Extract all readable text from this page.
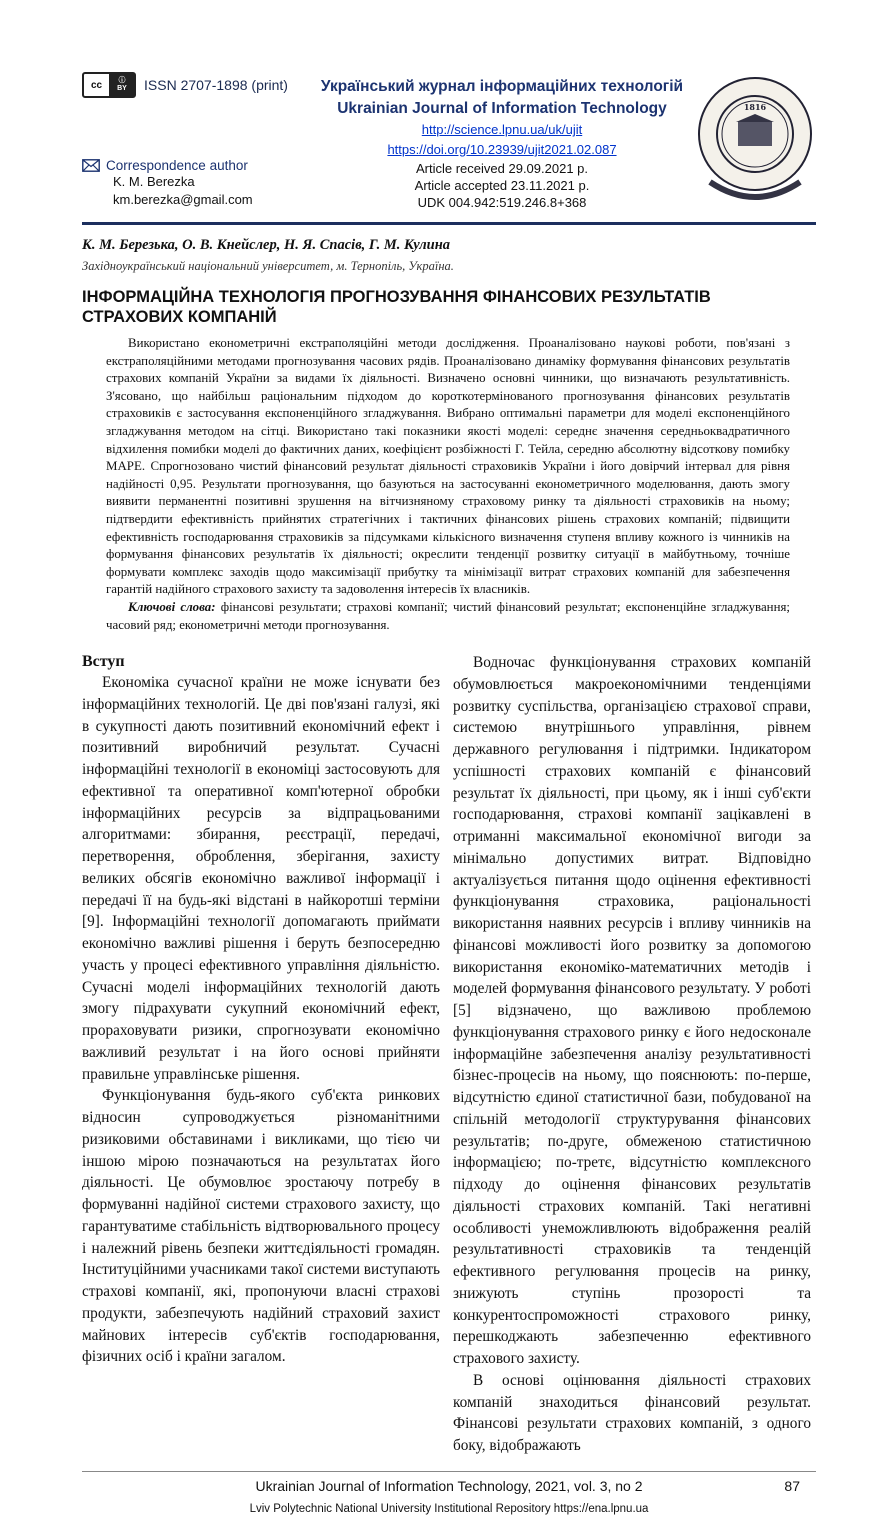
cc	ⓘ
BY ISSN 2707-1898 (print)
Correspondence author
K. M. Berezka
km.berezka@gmail.com
Український журнал інформаційних технологій
Ukrainian Journal of Information Technology
http://science.lpnu.ua/uk/ujit
https://doi.org/10.23939/ujit2021.02.087
Article received 29.09.2021 p.
Article accepted 23.11.2021 p.
UDK 004.942:519.246.8+368
1816
К. М. Березька, О. В. Кнейслер, Н. Я. Спасів, Г. М. Кулина
Західноукраїнський національний університет, м. Тернопіль, Україна.
ІНФОРМАЦІЙНА ТЕХНОЛОГІЯ ПРОГНОЗУВАННЯ ФІНАНСОВИХ РЕЗУЛЬТАТІВ СТРАХОВИХ КОМПАНІЙ

Використано економетричні екстраполяційні методи дослідження. Проаналізовано наукові роботи, пов'язані з екстраполяційними методами прогнозування часових рядів. Проаналізовано динаміку формування фінансових результатів страхових компаній України за видами їх діяльності. Визначено основні чинники, що визначають результативність. З'ясовано, що найбільш раціональним підходом до короткотермінованого прогнозування фінансових результатів страховиків є застосування експоненційного згладжування. Вибрано оптимальні параметри для моделі експоненційного згладжування методом на сітці. Використано такі показники якості моделі: середнє значення середньоквадратичного відхилення помибки моделі до фактичних даних, коефіцієнт розбіжності Г. Тейла, середню абсолютну відсоткову помибку MAPE. Спрогнозовано чистий фінансовий результат діяльності страховиків України і його довірчий інтервал для рівня надійності 0,95. Результати прогнозування, що базуються на застосуванні економетричного моделювання, дають змогу виявити перманентні позитивні зрушення на вітчизняному страховому ринку та діяльності страховиків на ньому; підтвердити ефективність прийнятих стратегічних і тактичних фінансових рішень страхових компаній; підвищити ефективність господарювання страховиків за підсумками кількісного визначення ступеня впливу кожного із чинників на формування фінансових результатів їх діяльності; окреслити тенденції розвитку ситуації в майбутньому, точніше формувати комплекс заходів щодо максимізації прибутку та мінімізації витрат страхових компаній для забезпечення гарантій надійного страхового захисту та задоволення інтересів їх власників.

Ключові слова: фінансові результати; страхові компанії; чистий фінансовий результат; експоненційне згладжування; часовий ряд; економетричні методи прогнозування.

Вступ

Економіка сучасної країни не може існувати без інформаційних технологій. Це дві пов'язані галузі, які в сукупності дають позитивний економічний ефект і позитивний виробничий результат. Сучасні інформаційні технології в економіці застосовують для ефективної та оперативної комп'ютерної обробки інформаційних ресурсів за відпрацьованими алгоритмами: збирання, реєстрації, передачі, перетворення, оброблення, зберігання, захисту великих обсягів економічно важливої інформації і передачі її на будь-які відстані в найкоротші терміни [9]. Інформаційні технології допомагають приймати економічно важливі рішення і беруть безпосередню участь у процесі ефективного управління діяльністю. Сучасні моделі інформаційних технологій дають змогу підрахувати сукупний економічний ефект, прораховувати ризики, спрогнозувати економічно важливий результат і на його основі прийняти правильне управлінське рішення.

Функціонування будь-якого суб'єкта ринкових відносин супроводжується різноманітними ризиковими обставинами і викликами, що тією чи іншою мірою позначаються на результатах його діяльності. Це обумовлює зростаючу потребу в формуванні надійної системи страхового захисту, що гарантуватиме стабільність відтворювального процесу і належний рівень безпеки життєдіяльності громадян. Інституційними учасниками такої системи виступають страхові компанії, які, пропонуючи власні страхові продукти, забезпечують надійний страховий захист майнових інтересів суб'єктів господарювання, фізичних осіб і країни загалом.

Водночас функціонування страхових компаній обумовлюється макроекономічними тенденціями розвитку суспільства, організацією страхової справи, системою внутрішнього управління, рівнем державного регулювання і підтримки. Індикатором успішності страхових компаній є фінансовий результат їх діяльності, при цьому, як і інші суб'єкти господарювання, страхові компанії зацікавлені в отриманні максимальної економічної вигоди за мінімально допустимих витрат. Відповідно актуалізується питання щодо оцінення ефективності функціонування страховика, раціональності використання наявних ресурсів і впливу чинників на фінансові можливості його розвитку за допомогою використання економіко-математичних методів і моделей формування фінансового результату. У роботі [5] відзначено, що важливою проблемою функціонування страхового ринку є його недосконале інформаційне забезпечення аналізу результативності бізнес-процесів на ньому, що пояснюють: по-перше, відсутністю єдиної статистичної бази, побудованої на спільній методології структурування фінансових результатів; по-друге, обмеженою статистичною інформацією; по-третє, відсутністю комплексного підходу до оцінення фінансових результатів діяльності страхових компаній. Такі негативні особливості унеможливлюють відображення реалій результативності страховиків та тенденцій ефективного регулювання процесів на ринку, знижують ступінь прозорості та конкурентоспроможності страхового ринку, перешкоджають забезпеченню ефективного страхового захисту.

В основі оцінювання діяльності страхових компаній знаходиться фінансовий результат. Фінансові результати страхових компаній, з одного боку, відображають

Ukrainian Journal of Information Technology, 2021, vol. 3, no 2	87
Lviv Polytechnic National University Institutional Repository https://ena.lpnu.ua
